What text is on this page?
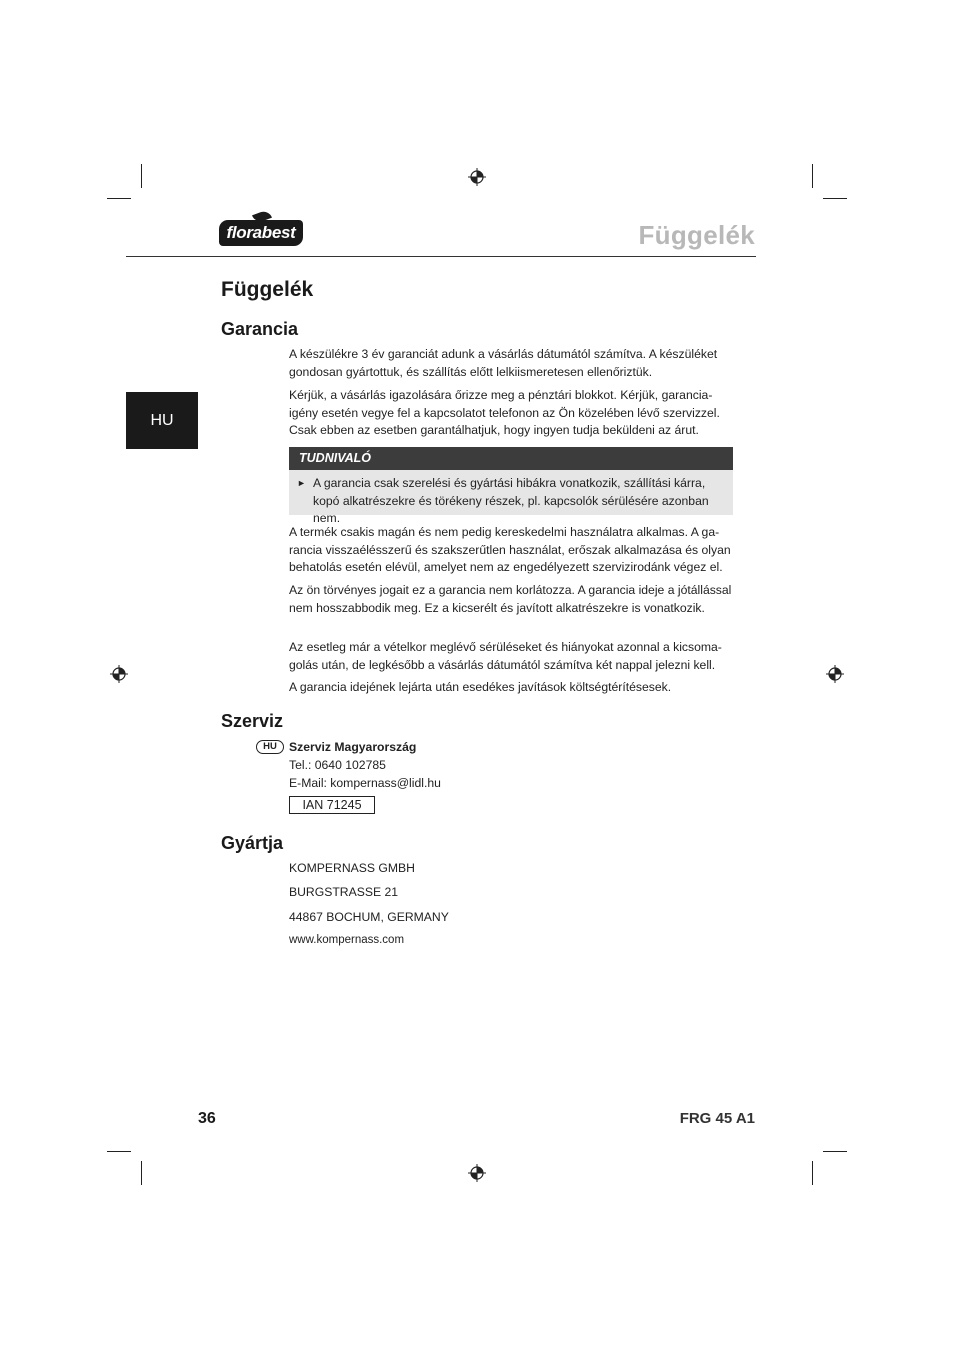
florabest	Függelék
HU
Függelék
Garancia

A készülékre 3 év garanciát adunk a vásárlás dátumától számítva. A készüléket gondosan gyártottuk, és szállítás előtt lelkiismeretesen ellenőriztük.

Kérjük, a vásárlás igazolására őrizze meg a pénztári blokkot. Kérjük, garancia-igény esetén vegye fel a kapcsolatot telefonon az Ön közelében lévő szervizzel. Csak ebben az esetben garantálhatjuk, hogy ingyen tudja beküldeni az árut.

TUDNIVALÓ
► A garancia csak szerelési és gyártási hibákra vonatkozik, szállítási kárra, kopó alkatrészekre és törékeny részek, pl. kapcsolók sérülésére azonban nem.

A termék csakis magán és nem pedig kereskedelmi használatra alkalmas. A ga-rancia visszaélésszerű és szakszerűtlen használat, erőszak alkalmazása és olyan behatolás esetén elévül, amelyet nem az engedélyezett szervizirodánk végez el.

Az ön törvényes jogait ez a garancia nem korlátozza. A garancia ideje a jótállással nem hosszabbodik meg. Ez a kicserélt és javított alkatrészekre is vonatkozik.

Az esetleg már a vételkor meglévő sérüléseket és hiányokat azonnal a kicsoma-golás után, de legkésőbb a vásárlás dátumától számítva két nappal jelezni kell.

A garancia idejének lejárta után esedékes javítások költségtérítésesek.

Szerviz
HU Szerviz Magyarország

Tel.: 0640 102785

E-Mail: kompernass@lidl.hu

IAN 71245
Gyártja

KOMPERNASS GMBH

BURGSTRASSE 21

44867 BOCHUM, GERMANY

www.kompernass.com

36	FRG 45 A1
